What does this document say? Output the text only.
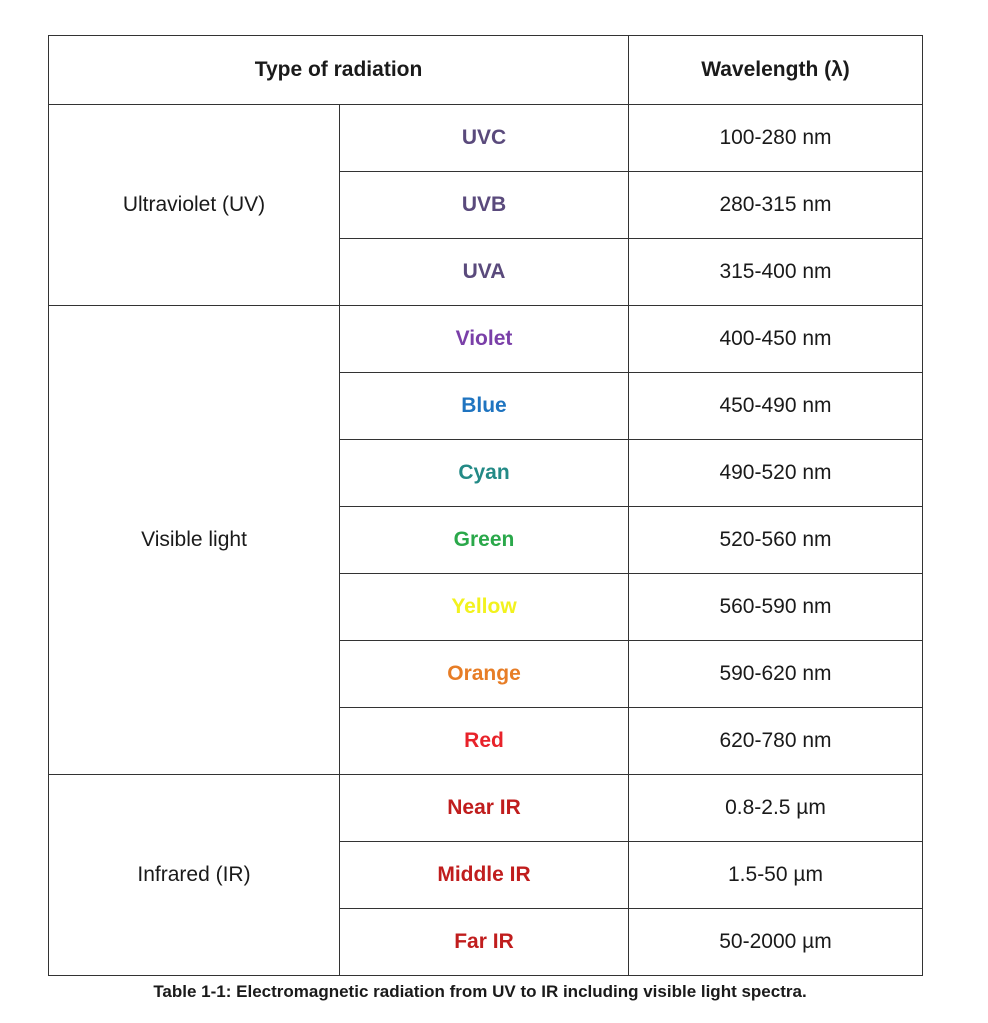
Type of radiation		Wavelength (λ)
Ultraviolet (UV)	UVC	100-280 nm
	UVB	280-315 nm
	UVA	315-400 nm
Visible light	Violet	400-450 nm
	Blue	450-490 nm
	Cyan	490-520 nm
	Green	520-560 nm
	Yellow	560-590 nm
	Orange	590-620 nm
	Red	620-780 nm
Infrared (IR)	Near IR	0.8-2.5 µm
	Middle IR	1.5-50 µm
	Far IR	50-2000 µm
Table 1-1: Electromagnetic radiation from UV to IR including visible light spectra.
